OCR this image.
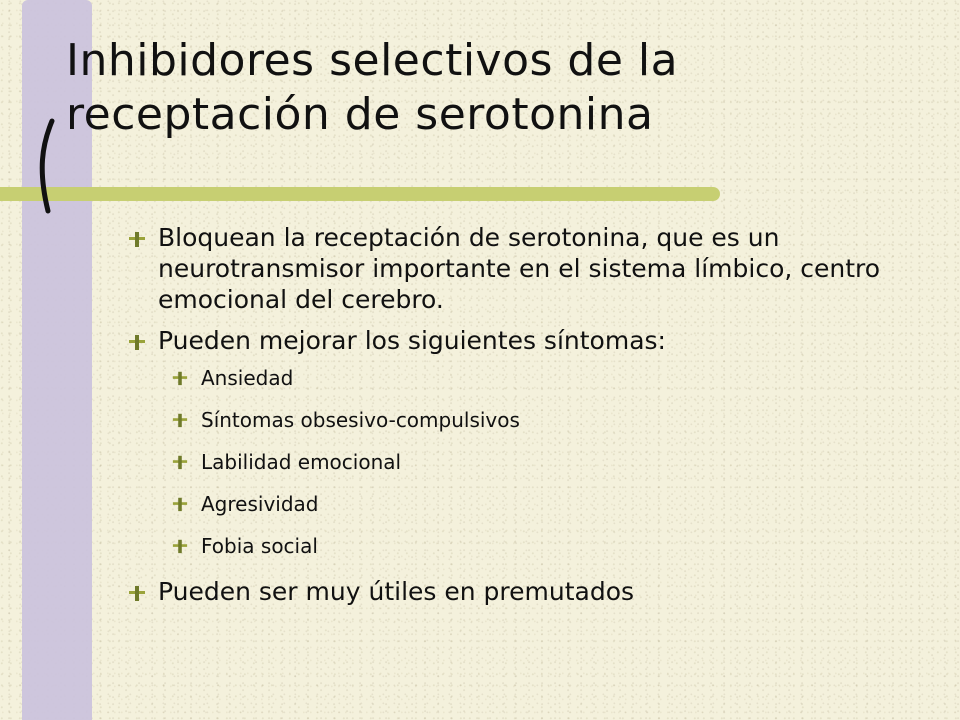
Inhibidores selectivos de la receptación de serotonina
Bloquean la receptación de serotonina, que es un neurotransmisor importante en el sistema límbico, centro emocional del cerebro.
Pueden mejorar los siguientes síntomas:
Ansiedad
Síntomas obsesivo-compulsivos
Labilidad emocional
Agresividad
Fobia social
Pueden ser muy útiles en premutados
